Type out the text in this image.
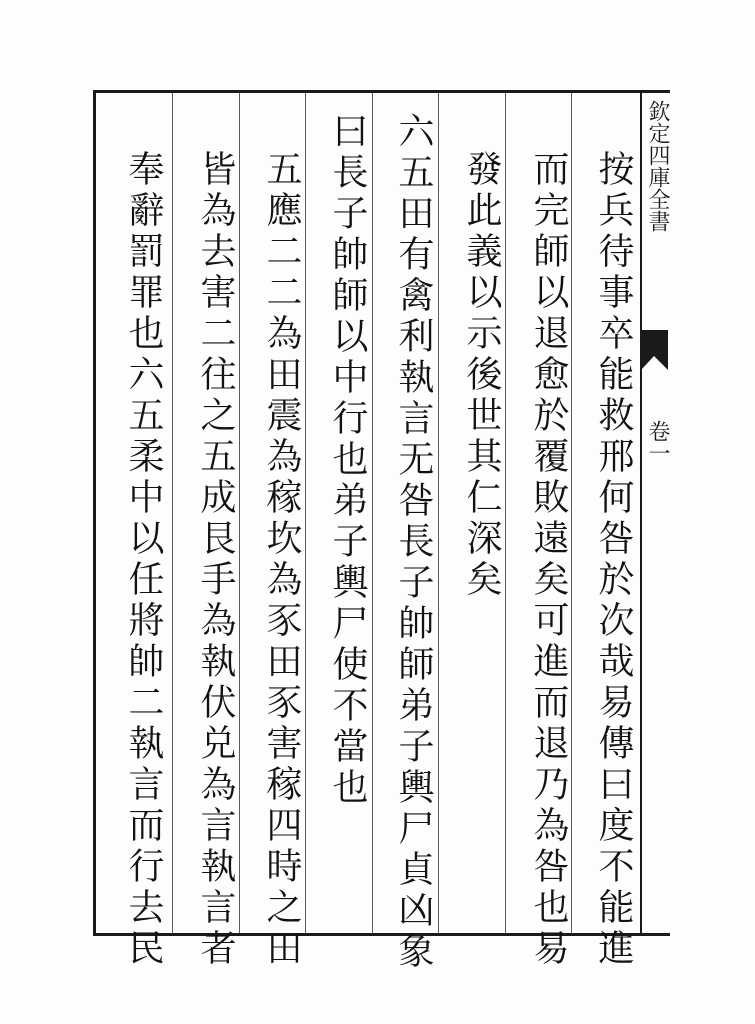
按兵待事卒能救邢何咎於次哉易傳曰度不能進
而完師以退愈於覆敗遠矣可進而退乃為咎也易
發此義以示後世其仁深矣
六五田有禽利執言无咎長子帥師弟子輿尸貞凶象
曰長子帥師以中行也弟子輿尸使不當也
五應二二為田震為稼坎為豕田豕害稼四時之田
皆為去害二往之五成艮手為執伏兑為言執言者
奉辭罰罪也六五柔中以任將帥二執言而行去民	欽定四庫全書
卷一
